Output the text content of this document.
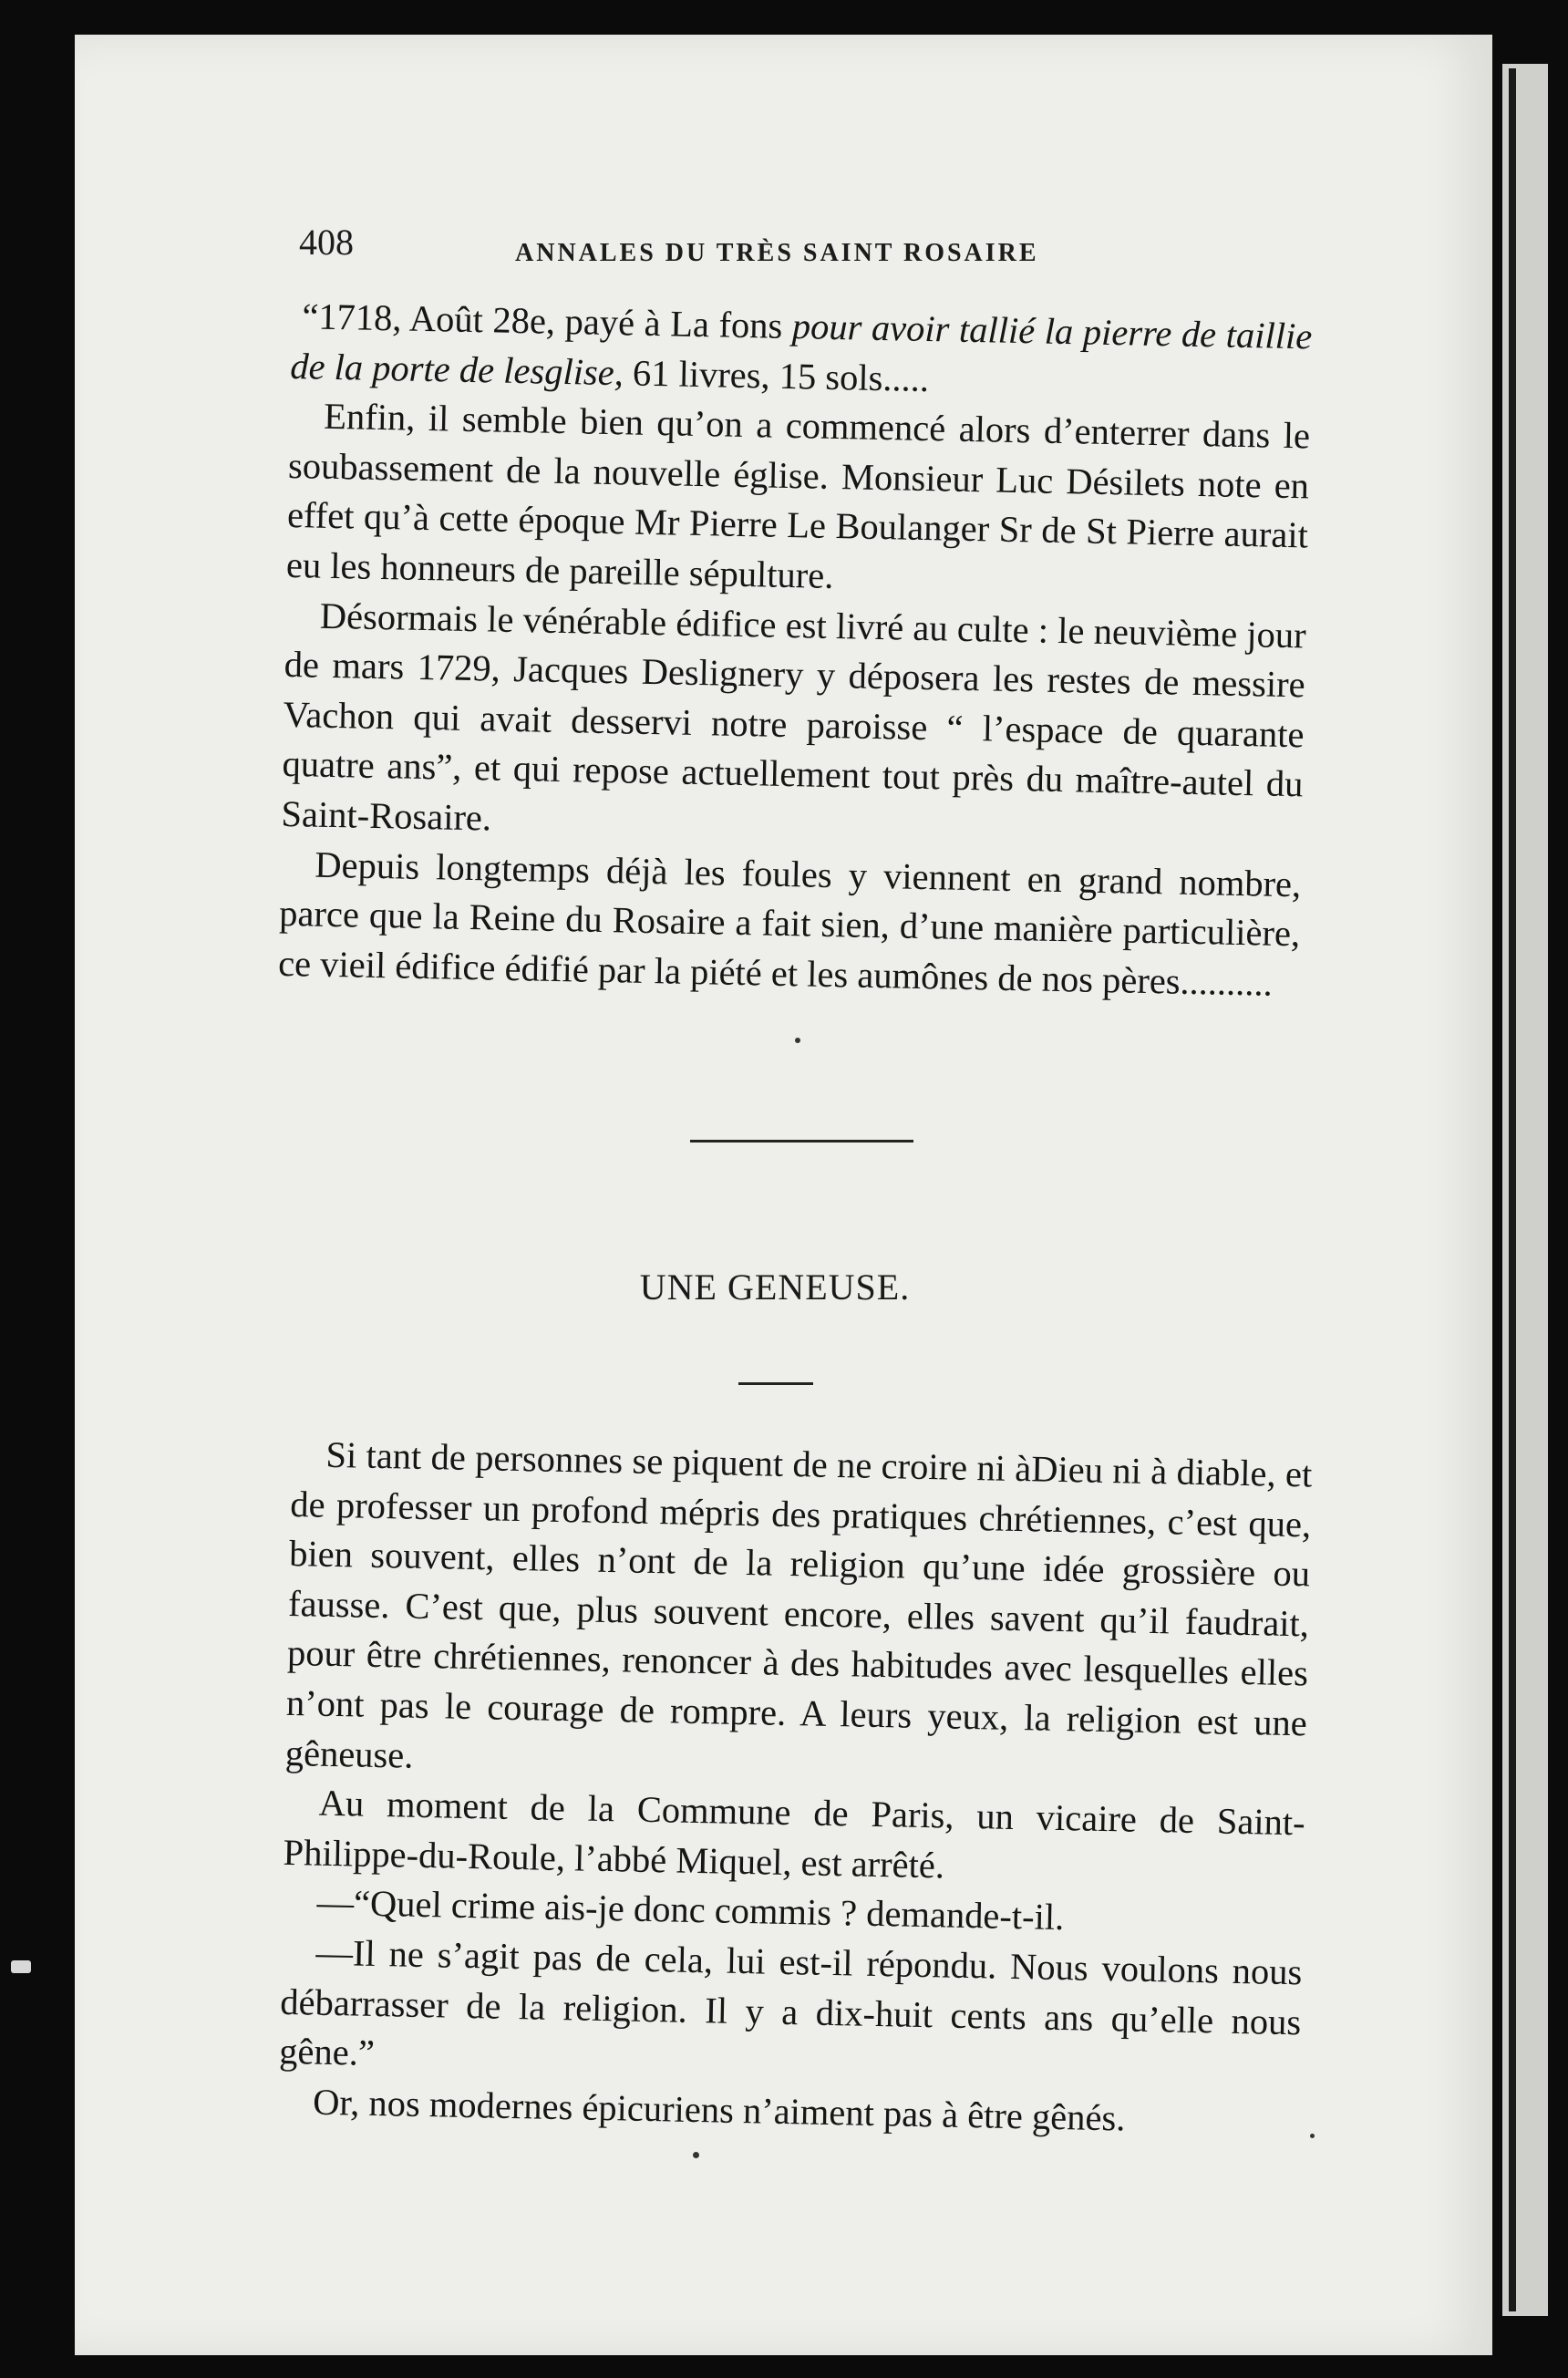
408	ANNALES DU TRÈS SAINT ROSAIRE

“1718, Août 28e, payé à La fons pour avoir tallié la pierre de taillie de la porte de lesglise, 61 livres, 15 sols.....

Enfin, il semble bien qu’on a commencé alors d’enterrer dans le soubassement de la nouvelle église. Monsieur Luc Désilets note en effet qu’à cette époque Mr Pierre Le Boulanger Sr de St Pierre aurait eu les honneurs de pareille sépulture.

Désormais le vénérable édifice est livré au culte : le neuvième jour de mars 1729, Jacques Deslignery y déposera les restes de messire Vachon qui avait desservi notre paroisse “ l’espace de quarante quatre ans”, et qui repose actuellement tout près du maître-autel du Saint-Rosaire.

Depuis longtemps déjà les foules y viennent en grand nombre, parce que la Reine du Rosaire a fait sien, d’une manière particulière, ce vieil édifice édifié par la piété et les aumônes de nos pères..........

UNE GENEUSE.

Si tant de personnes se piquent de ne croire ni àDieu ni à diable, et de professer un profond mépris des pratiques chrétiennes, c’est que, bien souvent, elles n’ont de la religion qu’une idée grossière ou fausse. C’est que, plus souvent encore, elles savent qu’il faudrait, pour être chrétiennes, renoncer à des habitudes avec lesquelles elles n’ont pas le courage de rompre. A leurs yeux, la religion est une gêneuse.

Au moment de la Commune de Paris, un vicaire de Saint-Philippe-du-Roule, l’abbé Miquel, est arrêté.

—“Quel crime ais-je donc commis ? demande-t-il.

—Il ne s’agit pas de cela, lui est-il répondu. Nous voulons nous débarrasser de la religion. Il y a dix-huit cents ans qu’elle nous gêne.”

Or, nos modernes épicuriens n’aiment pas à être gênés.
